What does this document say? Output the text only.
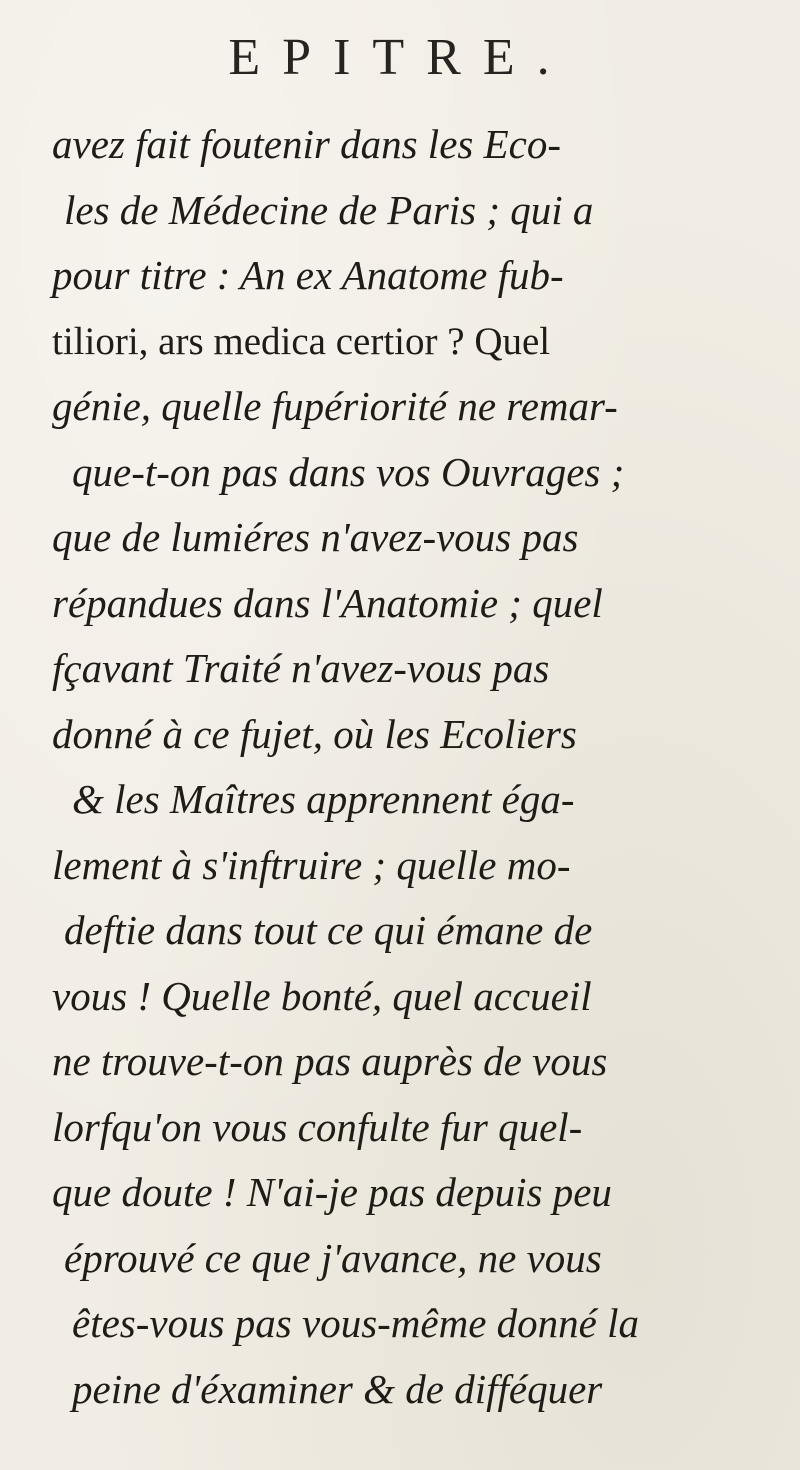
EPITRE.
avez fait foutenir dans les Eco-
les de Médecine de Paris ; qui a
pour titre : An ex Anatome fub-
tiliori, ars medica certior ? Quel
génie, quelle fupériorité ne remar-
que-t-on pas dans vos Ouvrages ;
que de lumiéres n'avez-vous pas
répandues dans l'Anatomie ; quel
fçavant Traité n'avez-vous pas
donné à ce fujet, où les Ecoliers
& les Maîtres apprennent éga-
lement à s'inftruire ; quelle mo-
deftie dans tout ce qui émane de
vous ! Quelle bonté, quel accueil
ne trouve-t-on pas auprès de vous
lorfqu'on vous confulte fur quel-
que doute ! N'ai-je pas depuis peu
éprouvé ce que j'avance, ne vous
êtes-vous pas vous-même donné la
peine d'éxaminer & de difféquer
